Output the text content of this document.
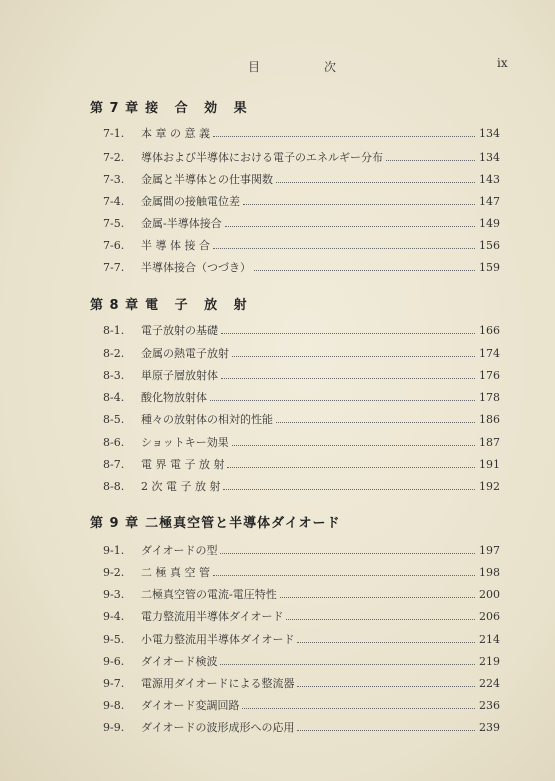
目　次	ix
第 7 章 接 合 効 果
7-1.	本 章 の 意 義	134
7-2.	導体および半導体における電子のエネルギー分布	134
7-3.	金属と半導体との仕事関数	143
7-4.	金属間の接触電位差	147
7-5.	金属-半導体接合	149
7-6.	半 導 体 接 合	156
7-7.	半導体接合（つづき）	159
第 8 章 電 子 放 射
8-1.	電子放射の基礎	166
8-2.	金属の熱電子放射	174
8-3.	単原子層放射体	176
8-4.	酸化物放射体	178
8-5.	種々の放射体の相対的性能	186
8-6.	ショットキー効果	187
8-7.	電 界 電 子 放 射	191
8-8.	2 次 電 子 放 射	192
第 9 章 二極真空管と半導体ダイオード
9-1.	ダイオードの型	197
9-2.	二 極 真 空 管	198
9-3.	二極真空管の電流-電圧特性	200
9-4.	電力整流用半導体ダイオード	206
9-5.	小電力整流用半導体ダイオード	214
9-6.	ダイオード検波	219
9-7.	電源用ダイオードによる整流器	224
9-8.	ダイオード変調回路	236
9-9.	ダイオードの波形成形への応用	239
